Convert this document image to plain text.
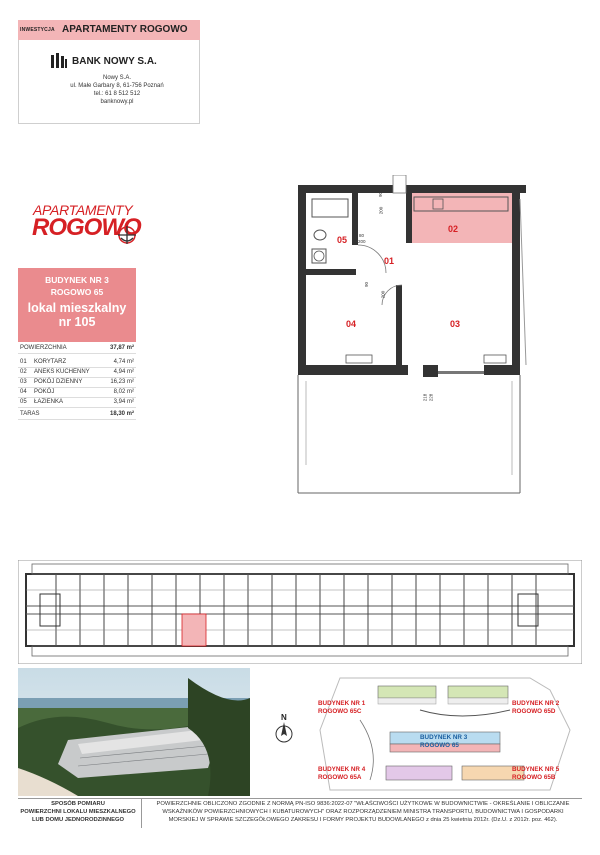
INWESTYCJA APARTAMENTY ROGOWO
BANK NOWY S.A.
Nowy S.A.
ul. Małe Garbary 8, 61-756 Poznań
tel.: 61 8 512 512
banknowy.pl
APARTAMENTY
ROGOWO
BUDYNEK NR 3
ROGOWO 65
lokal mieszkalny
nr 105
POWIERZCHNIA	37,87 m²
01 KORYTARZ	4,74 m²
02 ANEKS KUCHENNY	4,94 m²
03 POKÓJ DZIENNY	16,23 m²
04 POKÓJ	8,02 m²
05 ŁAZIENKA	3,94 m²
TARAS	18,30 m²
05
02
01
04	03
90
200
80
200
90
200
218 228
N
BUDYNEK NR 1
ROGOWO 65C
BUDYNEK NR 2
ROGOWO 65D
BUDYNEK NR 3
ROGOWO 65
BUDYNEK NR 4
ROGOWO 65A
BUDYNEK NR 5
ROGOWO 65B
SPOSÓB POMIARU
POWIERZCHNI LOKALU MIESZKALNEGO
LUB DOMU JEDNORODZINNEGO
POWIERZCHNIE OBLICZONO ZGODNIE Z NORMĄ PN-ISO 9836:2022-07 "WŁAŚCIWOŚCI UŻYTKOWE W BUDOWNICTWIE - OKREŚLANIE I OBLICZANIE
WSKAŹNIKÓW POWIERZCHNIOWYCH I KUBATUROWYCH" ORAZ ROZPORZĄDZENIEM MINISTRA TRANSPORTU, BUDOWNICTWA I GOSPODARKI
MORSKIEJ W SPRAWIE SZCZEGÓŁOWEGO ZAKRESU I FORMY PROJEKTU BUDOWLANEGO z dnia 25 kwietnia 2012r. (Dz.U. z 2012r. poz. 462).
